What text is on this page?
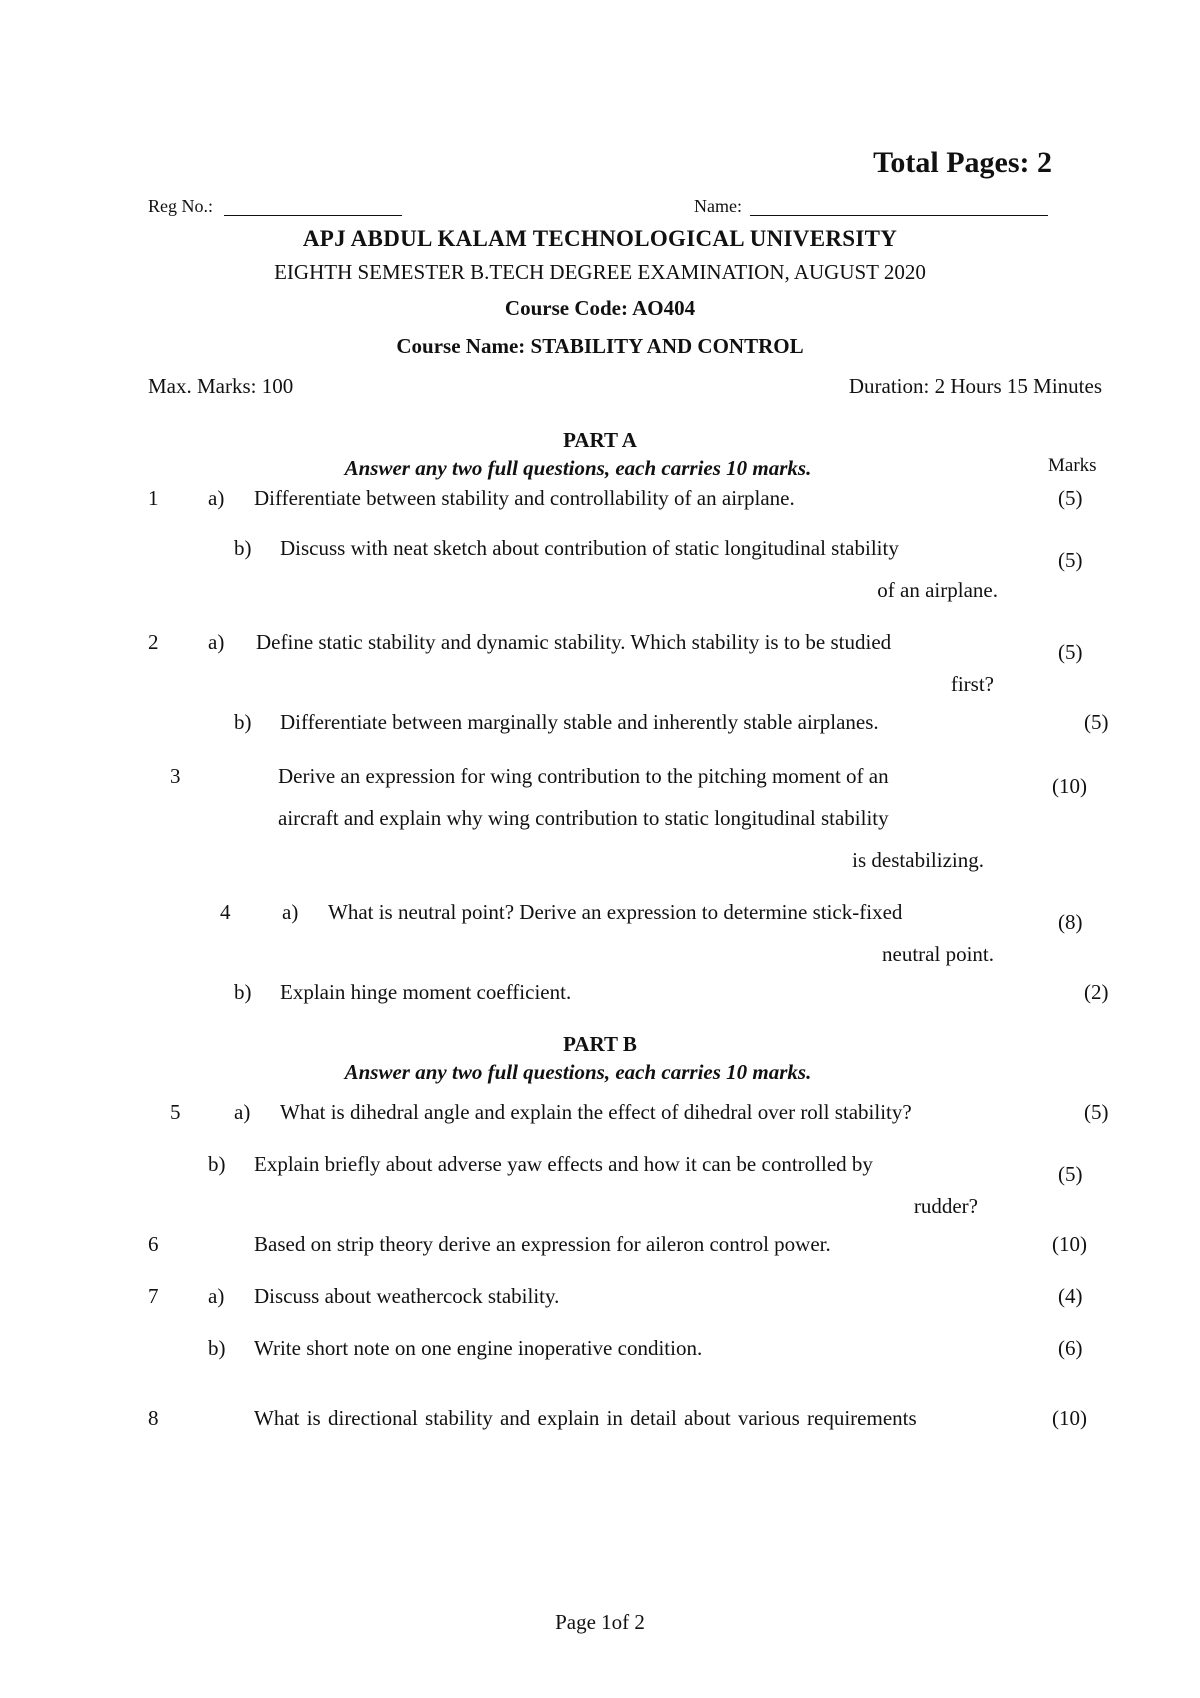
Total Pages: 2
Reg No.:	Name:
APJ ABDUL KALAM TECHNOLOGICAL UNIVERSITY
EIGHTH SEMESTER B.TECH DEGREE EXAMINATION, AUGUST 2020
Course Code: AO404
Course Name: STABILITY AND CONTROL
Max. Marks: 100	Duration: 2 Hours 15 Minutes
PART A
Answer any two full questions, each carries 10 marks.	Marks
1 a) Differentiate between stability and controllability of an airplane.	(5)
b) Discuss with neat sketch about contribution of static longitudinal stability
of an airplane.
(5)
2 a) Define static stability and dynamic stability. Which stability is to be studied
first?
(5)
b) Differentiate between marginally stable and inherently stable airplanes.	(5)
3	Derive an expression for wing contribution to the pitching moment of an
aircraft and explain why wing contribution to static longitudinal stability
is destabilizing.
(10)
4 a) What is neutral point? Derive an expression to determine stick-fixed
neutral point.
(8)
b) Explain hinge moment coefficient.	(2)
PART B
Answer any two full questions, each carries 10 marks.
5	a) What is dihedral angle and explain the effect of dihedral over roll stability?	(5)
b) Explain briefly about adverse yaw effects and how it can be controlled by
rudder?
(5)
6	Based on strip theory derive an expression for aileron control power.	(10)
7 a) Discuss about weathercock stability.	(4)
b) Write short note on one engine inoperative condition.	(6)
8	What is directional stability and explain in detail about various requirements	(10)
Page 1of 2
